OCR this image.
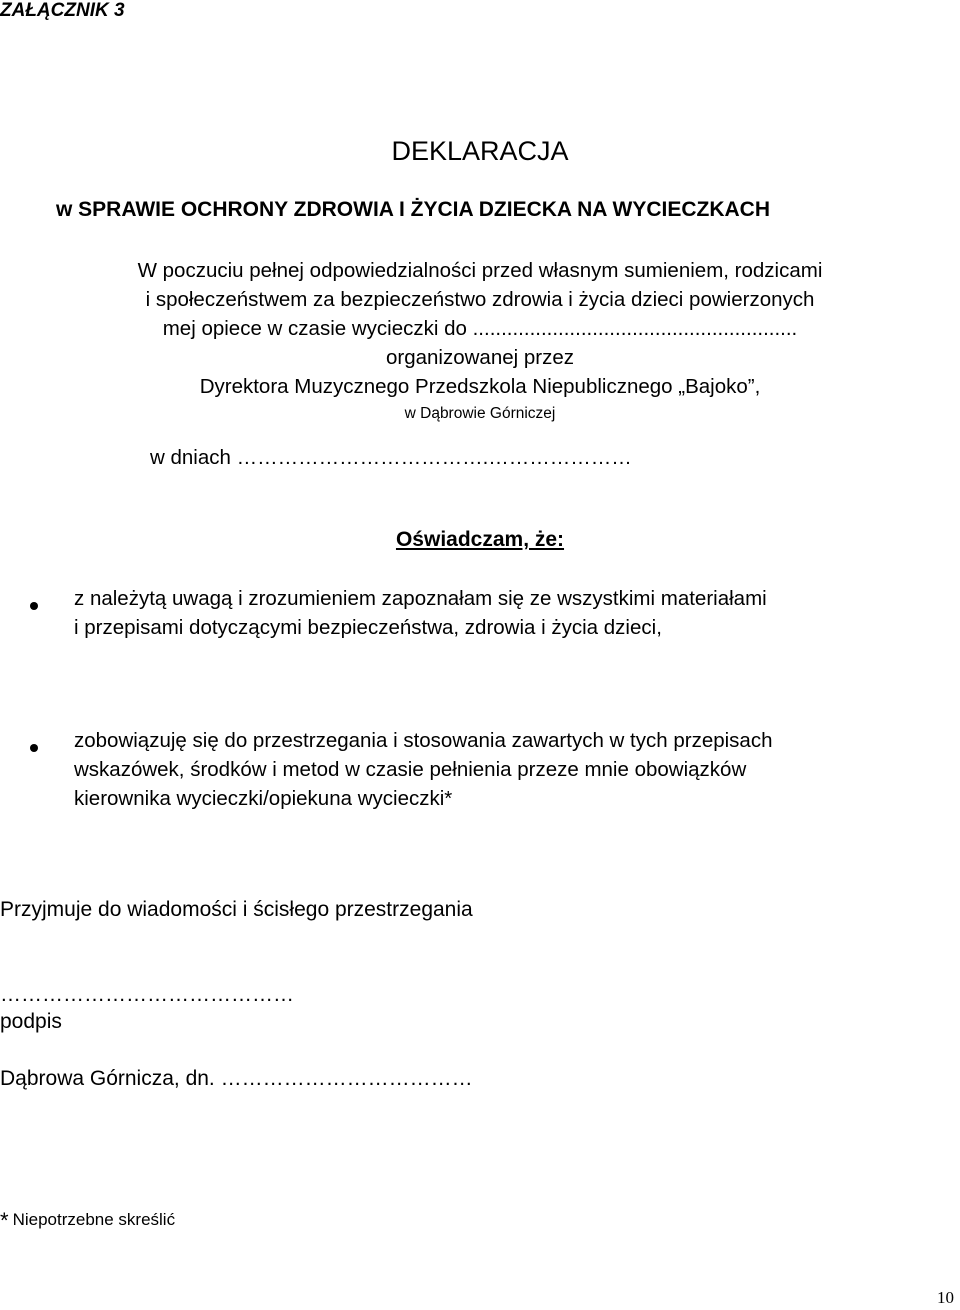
ZAŁĄCZNIK 3
DEKLARACJA
w SPRAWIE OCHRONY ZDROWIA I ŻYCIA DZIECKA NA WYCIECZKACH
W poczuciu pełnej odpowiedzialności przed własnym sumieniem, rodzicami
i społeczeństwem za bezpieczeństwo zdrowia i życia dzieci powierzonych
mej opiece w czasie wycieczki do .........................................................
organizowanej przez
Dyrektora Muzycznego Przedszkola Niepublicznego „Bajoko”,
w Dąbrowie Górniczej
w dniach ……………………………….…………………
Oświadczam, że:
z należytą uwagą i zrozumieniem zapoznałam się ze wszystkimi materiałami
i przepisami dotyczącymi bezpieczeństwa, zdrowia i życia dzieci,
zobowiązuję się do przestrzegania i stosowania zawartych w tych przepisach
wskazówek, środków i metod w czasie pełnienia przeze mnie obowiązków
kierownika wycieczki/opiekuna wycieczki*
Przyjmuje do wiadomości i ścisłego przestrzegania
……………………………………
podpis
Dąbrowa Górnicza, dn. ………………………………
* Niepotrzebne skreślić
10
